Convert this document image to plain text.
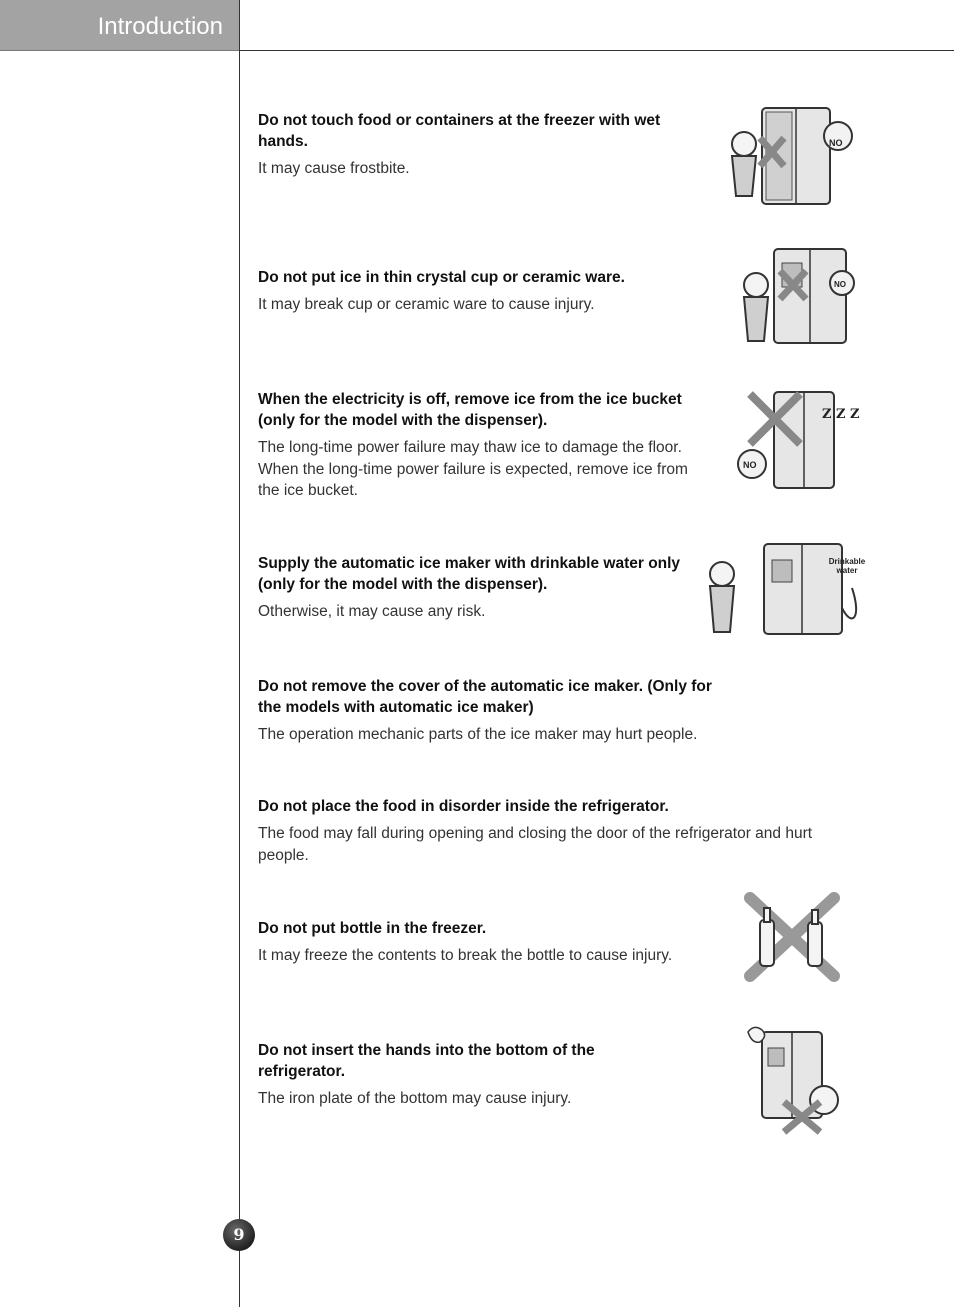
Introduction
Do not touch food or containers at the freezer with wet hands.

It may cause frostbite.

NO
Do not put ice in thin crystal cup or ceramic ware.

It may break cup or ceramic ware to cause injury.

NO
When the electricity is off, remove ice from the ice bucket (only for the model with the dispenser).

The long-time power failure may thaw ice to damage the floor. When the long-time power failure is expected, remove ice from the ice bucket.

NO
Z Z Z
Supply the automatic ice maker with drinkable water only (only for the model with the dispenser).

Otherwise, it may cause any risk.

Drinkable
water
Do not remove the cover of the automatic ice maker. (Only for the models with automatic ice maker)

The operation mechanic parts of the ice maker may hurt people.

Do not place the food in disorder inside the refrigerator.

The food may fall during opening and closing the door of the refrigerator and hurt people.

Do not put bottle in the freezer.

It may freeze the contents to break the bottle to cause injury.

Do not insert the hands into the bottom of the refrigerator.

The iron plate of the bottom may cause injury.

9
